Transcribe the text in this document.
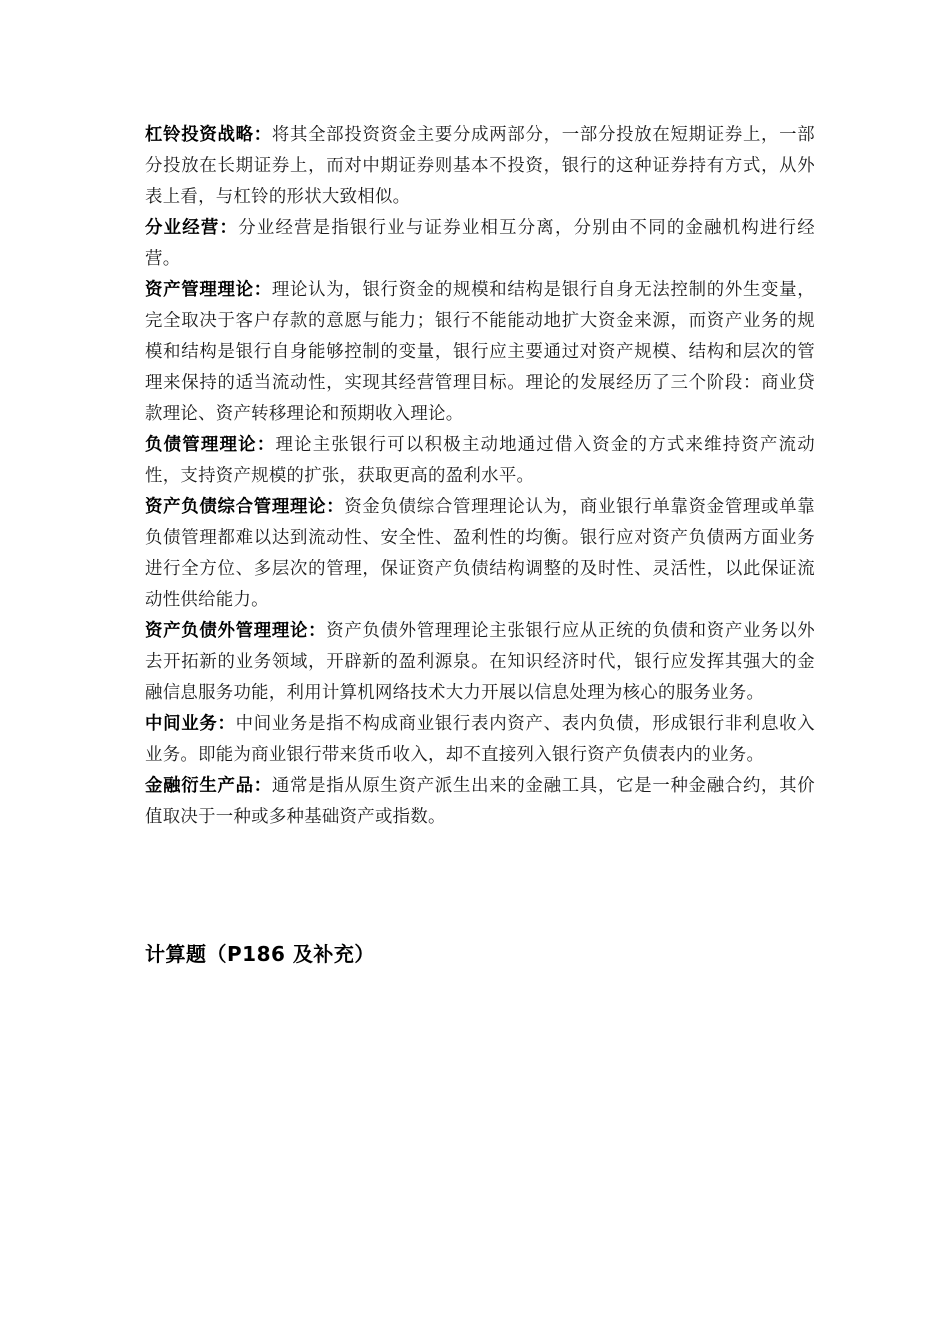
杠铃投资战略：将其全部投资资金主要分成两部分，一部分投放在短期证券上，一部分投放在长期证券上，而对中期证券则基本不投资，银行的这种证券持有方式，从外表上看，与杠铃的形状大致相似。

分业经营：分业经营是指银行业与证券业相互分离，分别由不同的金融机构进行经营。

资产管理理论：理论认为，银行资金的规模和结构是银行自身无法控制的外生变量，完全取决于客户存款的意愿与能力；银行不能能动地扩大资金来源，而资产业务的规模和结构是银行自身能够控制的变量，银行应主要通过对资产规模、结构和层次的管理来保持的适当流动性，实现其经营管理目标。理论的发展经历了三个阶段：商业贷款理论、资产转移理论和预期收入理论。

负债管理理论：理论主张银行可以积极主动地通过借入资金的方式来维持资产流动性，支持资产规模的扩张，获取更高的盈利水平。

资产负债综合管理理论：资金负债综合管理理论认为，商业银行单靠资金管理或单靠负债管理都难以达到流动性、安全性、盈利性的均衡。银行应对资产负债两方面业务进行全方位、多层次的管理，保证资产负债结构调整的及时性、灵活性，以此保证流动性供给能力。

资产负债外管理理论：资产负债外管理理论主张银行应从正统的负债和资产业务以外去开拓新的业务领域，开辟新的盈利源泉。在知识经济时代，银行应发挥其强大的金融信息服务功能，利用计算机网络技术大力开展以信息处理为核心的服务业务。

中间业务：中间业务是指不构成商业银行表内资产、表内负债，形成银行非利息收入业务。即能为商业银行带来货币收入，却不直接列入银行资产负债表内的业务。

金融衍生产品：通常是指从原生资产派生出来的金融工具，它是一种金融合约，其价值取决于一种或多种基础资产或指数。

计算题（P186 及补充）
